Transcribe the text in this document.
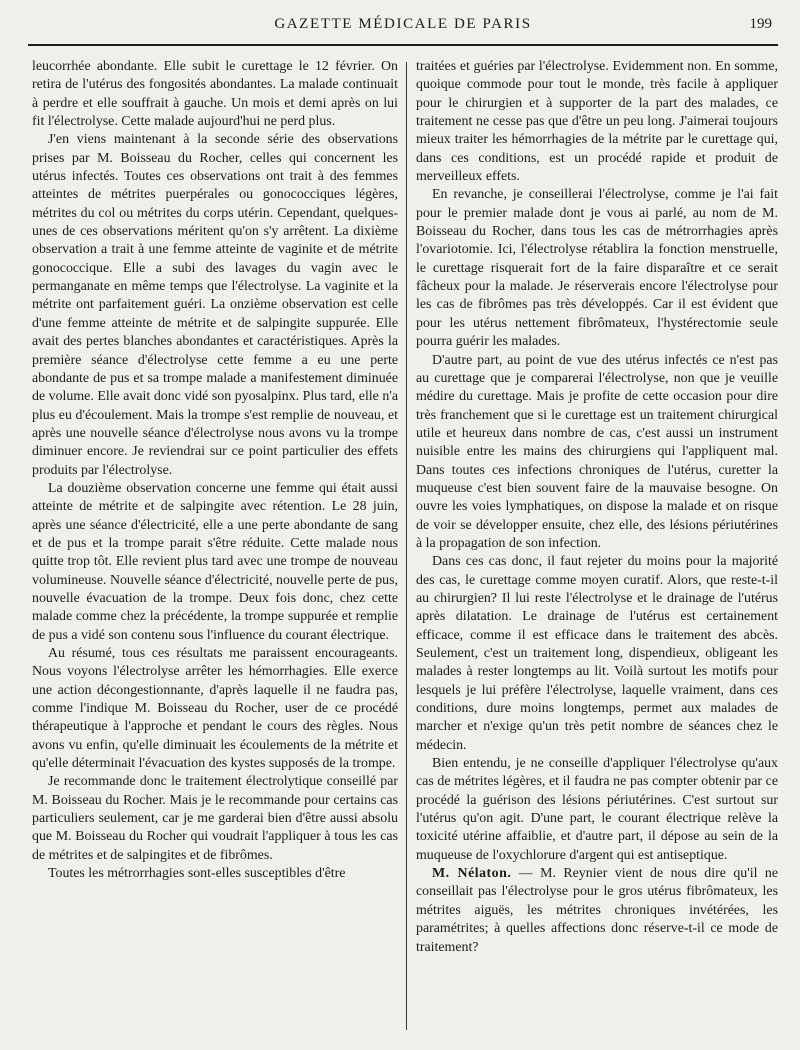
GAZETTE MÉDICALE DE PARIS	199

leucorrhée abondante. Elle subit le curettage le 12 février. On retira de l'utérus des fongosités abondantes. La malade continuait à perdre et elle souffrait à gauche. Un mois et demi après on lui fit l'électrolyse. Cette malade aujourd'hui ne perd plus.

J'en viens maintenant à la seconde série des observations prises par M. Boisseau du Rocher, celles qui concernent les utérus infectés. Toutes ces observations ont trait à des femmes atteintes de métrites puerpérales ou gonococciques légères, métrites du col ou métrites du corps utérin. Cependant, quelques-unes de ces observations méritent qu'on s'y arrêtent. La dixième observation a trait à une femme atteinte de vaginite et de métrite gonococcique. Elle a subi des lavages du vagin avec le permanganate en même temps que l'électrolyse. La vaginite et la métrite ont parfaitement guéri. La onzième observation est celle d'une femme atteinte de métrite et de salpingite suppurée. Elle avait des pertes blanches abondantes et caractéristiques. Après la première séance d'électrolyse cette femme a eu une perte abondante de pus et sa trompe malade a manifestement diminuée de volume. Elle avait donc vidé son pyosalpinx. Plus tard, elle n'a plus eu d'écoulement. Mais la trompe s'est remplie de nouveau, et après une nouvelle séance d'électrolyse nous avons vu la trompe diminuer encore. Je reviendrai sur ce point particulier des effets produits par l'électrolyse.

La douzième observation concerne une femme qui était aussi atteinte de métrite et de salpingite avec rétention. Le 28 juin, après une séance d'électricité, elle a une perte abondante de sang et de pus et la trompe parait s'être réduite. Cette malade nous quitte trop tôt. Elle revient plus tard avec une trompe de nouveau volumineuse. Nouvelle séance d'électricité, nouvelle perte de pus, nouvelle évacuation de la trompe. Deux fois donc, chez cette malade comme chez la précédente, la trompe suppurée et remplie de pus a vidé son contenu sous l'influence du courant électrique.

Au résumé, tous ces résultats me paraissent encourageants. Nous voyons l'électrolyse arrêter les hémorrhagies. Elle exerce une action décongestionnante, d'après laquelle il ne faudra pas, comme l'indique M. Boisseau du Rocher, user de ce procédé thérapeutique à l'approche et pendant le cours des règles. Nous avons vu enfin, qu'elle diminuait les écoulements de la métrite et qu'elle déterminait l'évacuation des kystes supposés de la trompe.

Je recommande donc le traitement électrolytique conseillé par M. Boisseau du Rocher. Mais je le recommande pour certains cas particuliers seulement, car je me garderai bien d'être aussi absolu que M. Boisseau du Rocher qui voudrait l'appliquer à tous les cas de métrites et de salpingites et de fibrômes.

Toutes les métrorrhagies sont-elles susceptibles d'être

traitées et guéries par l'électrolyse. Evidemment non. En somme, quoique commode pour tout le monde, très facile à appliquer pour le chirurgien et à supporter de la part des malades, ce traitement ne cesse pas que d'être un peu long. J'aimerai toujours mieux traiter les hémorrhagies de la métrite par le curettage qui, dans ces conditions, est un procédé rapide et produit de merveilleux effets.

En revanche, je conseillerai l'électrolyse, comme je l'ai fait pour le premier malade dont je vous ai parlé, au nom de M. Boisseau du Rocher, dans tous les cas de métrorrhagies après l'ovariotomie. Ici, l'électrolyse rétablira la fonction menstruelle, le curettage risquerait fort de la faire disparaître et ce serait fâcheux pour la malade. Je réserverais encore l'électrolyse pour les cas de fibrômes pas très développés. Car il est évident que pour les utérus nettement fibrômateux, l'hystérectomie seule pourra guérir les malades.

D'autre part, au point de vue des utérus infectés ce n'est pas au curettage que je comparerai l'électrolyse, non que je veuille médire du curettage. Mais je profite de cette occasion pour dire très franchement que si le curettage est un traitement chirurgical utile et heureux dans nombre de cas, c'est aussi un instrument nuisible entre les mains des chirurgiens qui l'appliquent mal. Dans toutes ces infections chroniques de l'utérus, curetter la muqueuse c'est bien souvent faire de la mauvaise besogne. On ouvre les voies lymphatiques, on dispose la malade et on risque de voir se développer ensuite, chez elle, des lésions périutérines à la propagation de son infection.

Dans ces cas donc, il faut rejeter du moins pour la majorité des cas, le curettage comme moyen curatif. Alors, que reste-t-il au chirurgien? Il lui reste l'électrolyse et le drainage de l'utérus après dilatation. Le drainage de l'utérus est certainement efficace, comme il est efficace dans le traitement des abcès. Seulement, c'est un traitement long, dispendieux, obligeant les malades à rester longtemps au lit. Voilà surtout les motifs pour lesquels je lui préfère l'électrolyse, laquelle vraiment, dans ces conditions, dure moins longtemps, permet aux malades de marcher et n'exige qu'un très petit nombre de séances chez le médecin.

Bien entendu, je ne conseille d'appliquer l'électrolyse qu'aux cas de métrites légères, et il faudra ne pas compter obtenir par ce procédé la guérison des lésions périutérines. C'est surtout sur l'utérus qu'on agit. D'une part, le courant électrique relève la toxicité utérine affaiblie, et d'autre part, il dépose au sein de la muqueuse de l'oxychlorure d'argent qui est antiseptique.

M. Nélaton. — M. Reynier vient de nous dire qu'il ne conseillait pas l'électrolyse pour le gros utérus fibrômateux, les métrites aiguës, les métrites chroniques invétérées, les paramétrites; à quelles affections donc réserve-t-il ce mode de traitement?
